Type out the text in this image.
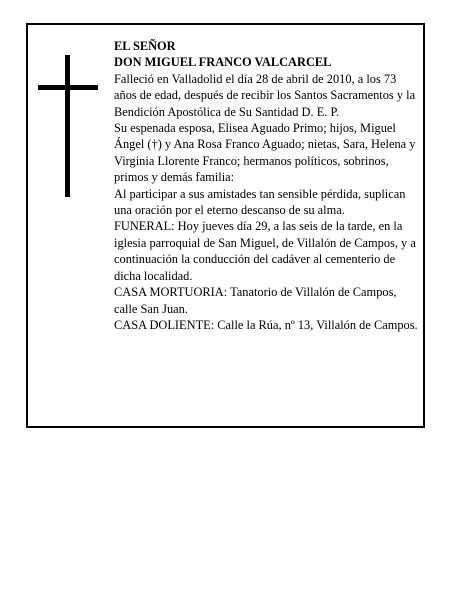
EL SEÑOR

DON MIGUEL FRANCO VALCARCEL

Falleció en Valladolid el día 28 de abril de 2010, a los 73 años de edad, después de recibir los Santos Sacramentos y la Bendición Apostólica de Su Santidad D. E. P.

Su espenada esposa, Elisea Aguado Primo; hijos, Miguel Ángel (†) y Ana Rosa Franco Aguado; nietas, Sara, Helena y Virginia Llorente Franco; hermanos políticos, sobrinos, primos y demás familia:

Al participar a sus amistades tan sensible pérdida, suplican una oración por el eterno descanso de su alma.

FUNERAL: Hoy jueves día 29, a las seis de la tarde, en la iglesia parroquial de San Miguel, de Villalón de Campos, y a continuación la conducción del cadáver al cementerio de dicha localidad.

CASA MORTUORIA: Tanatorio de Villalón de Campos, calle San Juan.

CASA DOLIENTE: Calle la Rúa, nº 13, Villalón de Campos.
